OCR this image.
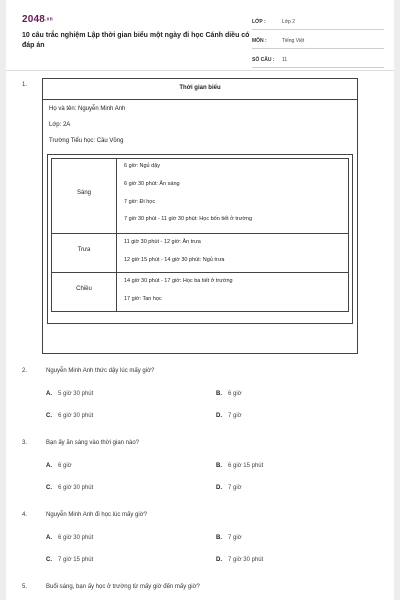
2048.vn
10 câu trắc nghiệm Lập thời gian biểu một ngày đi học Cánh diều có đáp án
LỚP :	Lớp 2
MÔN :	Tiếng Việt
SỐ CÂU :	11
1.	Thời gian biểu
Họ và tên: Nguyễn Minh Anh
Lớp: 2A
Trường Tiểu học: Cầu Vồng
Sáng
6 giờ: Ngủ dậy
6 giờ 30 phút: Ăn sáng
7 giờ: Đi học
7 giờ 30 phút - 11 giờ 30 phút: Học bốn tiết ở trường
Trưa
11 giờ 30 phút - 12 giờ: Ăn trưa
12 giờ 15 phút - 14 giờ 30 phút: Ngủ trưa
Chiều
14 giờ 30 phút - 17 giờ: Học ba tiết ở trường
17 giờ: Tan học
2.	Nguyễn Minh Anh thức dậy lúc mấy giờ?
A. 5 giờ 30 phút	B. 6 giờ
C. 6 giờ 30 phút	D. 7 giờ
3.	Bạn ấy ăn sáng vào thời gian nào?
A. 6 giờ	B. 6 giờ 15 phút
C. 6 giờ 30 phút	D. 7 giờ
4.	Nguyễn Minh Anh đi học lúc mấy giờ?
A. 6 giờ 30 phút	B. 7 giờ
C. 7 giờ 15 phút	D. 7 giờ 30 phút
5.	Buổi sáng, bạn ấy học ở trường từ mấy giờ đến mấy giờ?
